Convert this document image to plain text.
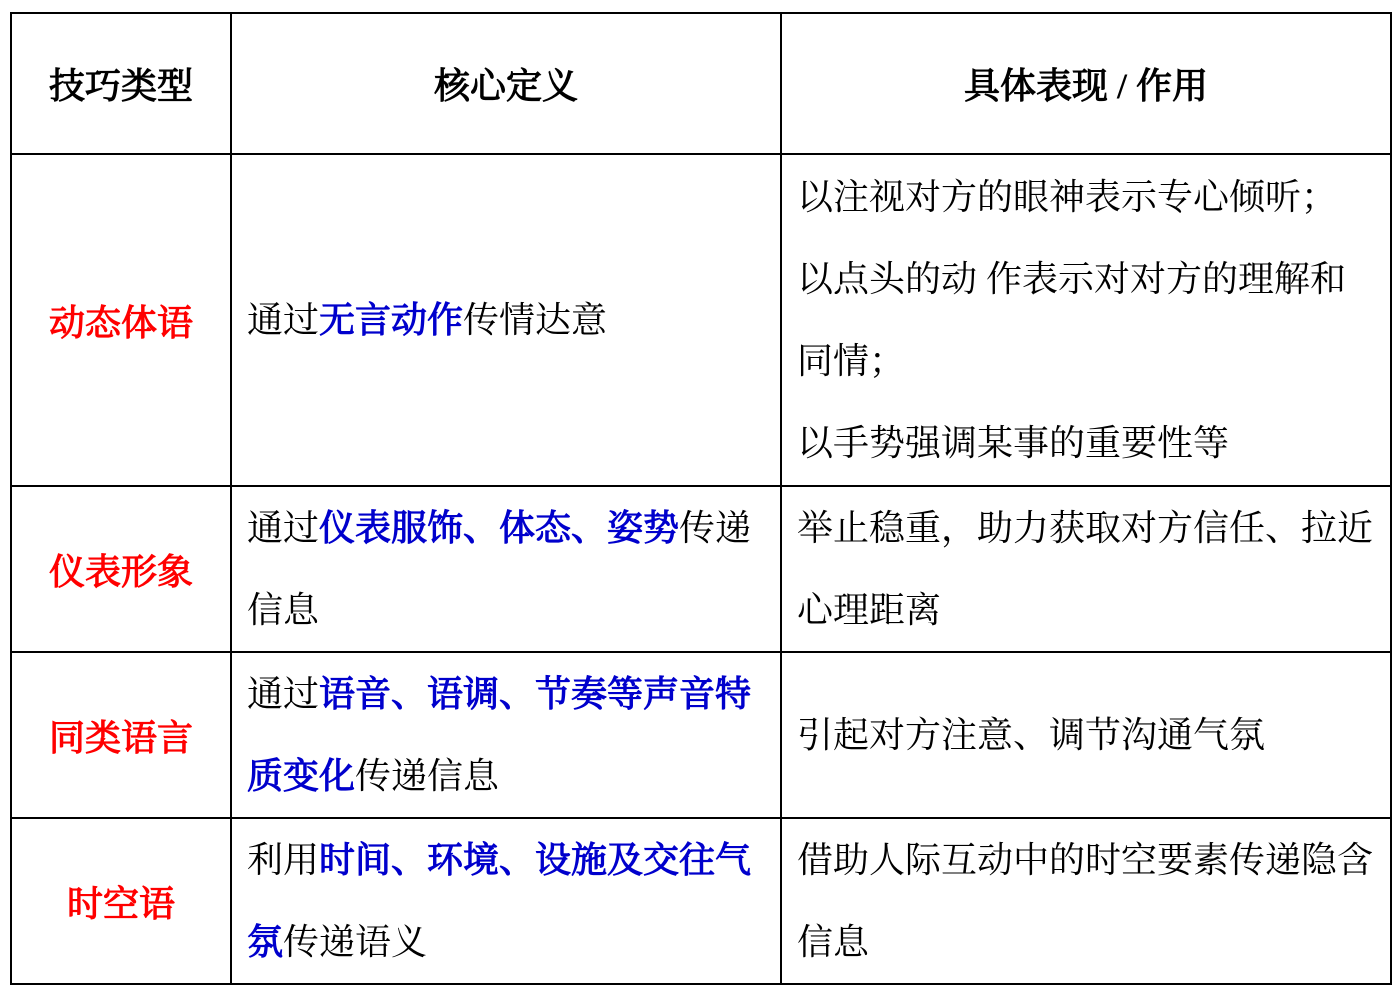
技巧类型	核心定义	具体表现 / 作用
动态体语	通过无言动作传情达意	以注视对方的眼神表示专心倾听；

以点头的动 作表示对对方的理解和同情；

以手势强调某事的重要性等

仪表形象	通过仪表服饰、体态、姿势传递信息	举止稳重，助力获取对方信任、拉近心理距离

同类语言	通过语音、语调、节奏等声音特质变化传递信息	引起对方注意、调节沟通气氛

时空语	利用时间、环境、设施及交往气氛传递语义	借助人际互动中的时空要素传递隐含信息
